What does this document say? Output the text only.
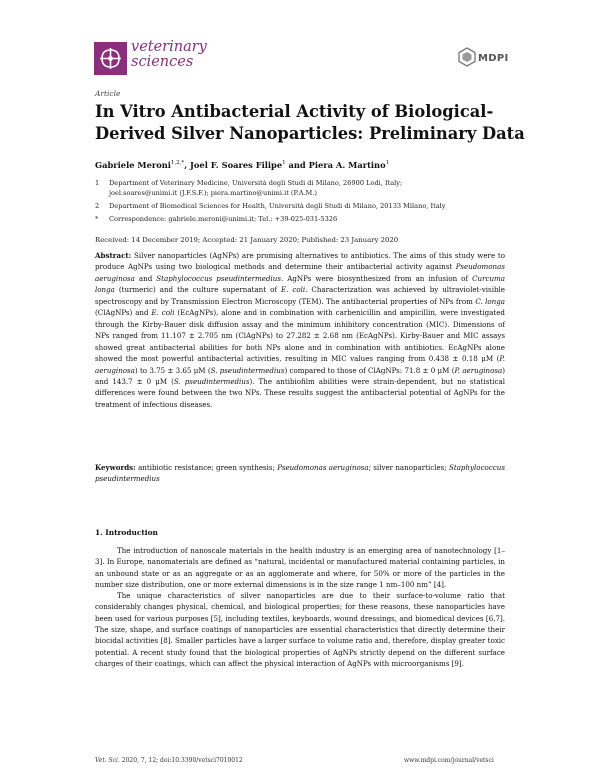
veterinary
sciences	MDPI
Article
In Vitro Antibacterial Activity of Biological-Derived Silver Nanoparticles: Preliminary Data
Gabriele Meroni$^{1,2,*}$, Joel F. Soares Filipe$^1$ and Piera A. Martino$^1$
1	Department of Veterinary Medicine, Università degli Studi di Milano, 26900 Lodi, Italy;
joel.soares@unimi.it (J.F.S.F.); piera.martino@unimi.it (P.A.M.)
2	Department of Biomedical Sciences for Health, Università degli Studi di Milano, 20133 Milano, Italy
*	Correspondence: gabriele.meroni@unimi.it; Tel.: +39-025-031-5326
Received: 14 December 2019; Accepted: 21 January 2020; Published: 23 January 2020
Abstract: Silver nanoparticles (AgNPs) are promising alternatives to antibiotics. The aims of this study were to produce AgNPs using two biological methods and determine their antibacterial activity against Pseudomonas aeruginosa and Staphylococcus pseudintermedius. AgNPs were biosynthesized from an infusion of Curcuma longa (turmeric) and the culture supernatant of E. coli. Characterization was achieved by ultraviolet-visible spectroscopy and by Transmission Electron Microscopy (TEM). The antibacterial properties of NPs from C. longa (ClAgNPs) and E. coli (EcAgNPs), alone and in combination with carbenicillin and ampicillin, were investigated through the Kirby-Bauer disk diffusion assay and the minimum inhibitory concentration (MIC). Dimensions of NPs ranged from 11.107 ± 2.705 nm (ClAgNPs) to 27.282 ± 2.68 nm (EcAgNPs). Kirby-Bauer and MIC assays showed great antibacterial abilities for both NPs alone and in combination with antibiotics. EcAgNPs alone showed the most powerful antibacterial activities, resulting in MIC values ranging from 0.438 ± 0.18 μM (P. aeruginosa) to 3.75 ± 3.65 μM (S. pseudintermedius) compared to those of ClAgNPs: 71.8 ± 0 μM (P. aeruginosa) and 143.7 ± 0 μM (S. pseudintermedius). The antibiofilm abilities were strain-dependent, but no statistical differences were found between the two NPs. These results suggest the antibacterial potential of AgNPs for the treatment of infectious diseases.
Keywords: antibiotic resistance; green synthesis; Pseudomonas aeruginosa; silver nanoparticles; Staphylococcus pseudintermedius
1. Introduction

The introduction of nanoscale materials in the health industry is an emerging area of nanotechnology [1–3]. In Europe, nanomaterials are defined as “natural, incidental or manufactured material containing particles, in an unbound state or as an aggregate or as an agglomerate and where, for 50% or more of the particles in the number size distribution, one or more external dimensions is in the size range 1 nm–100 nm” [4].

The unique characteristics of silver nanoparticles are due to their surface-to-volume ratio that considerably changes physical, chemical, and biological properties; for these reasons, these nanoparticles have been used for various purposes [5], including textiles, keyboards, wound dressings, and biomedical devices [6,7]. The size, shape, and surface coatings of nanoparticles are essential characteristics that directly determine their biocidal activities [8]. Smaller particles have a larger surface to volume ratio and, therefore, display greater toxic potential. A recent study found that the biological properties of AgNPs strictly depend on the different surface charges of their coatings, which can affect the physical interaction of AgNPs with microorganisms [9].

Vet. Sci. 2020, 7, 12; doi:10.3390/vetsci7010012	www.mdpi.com/journal/vetsci
